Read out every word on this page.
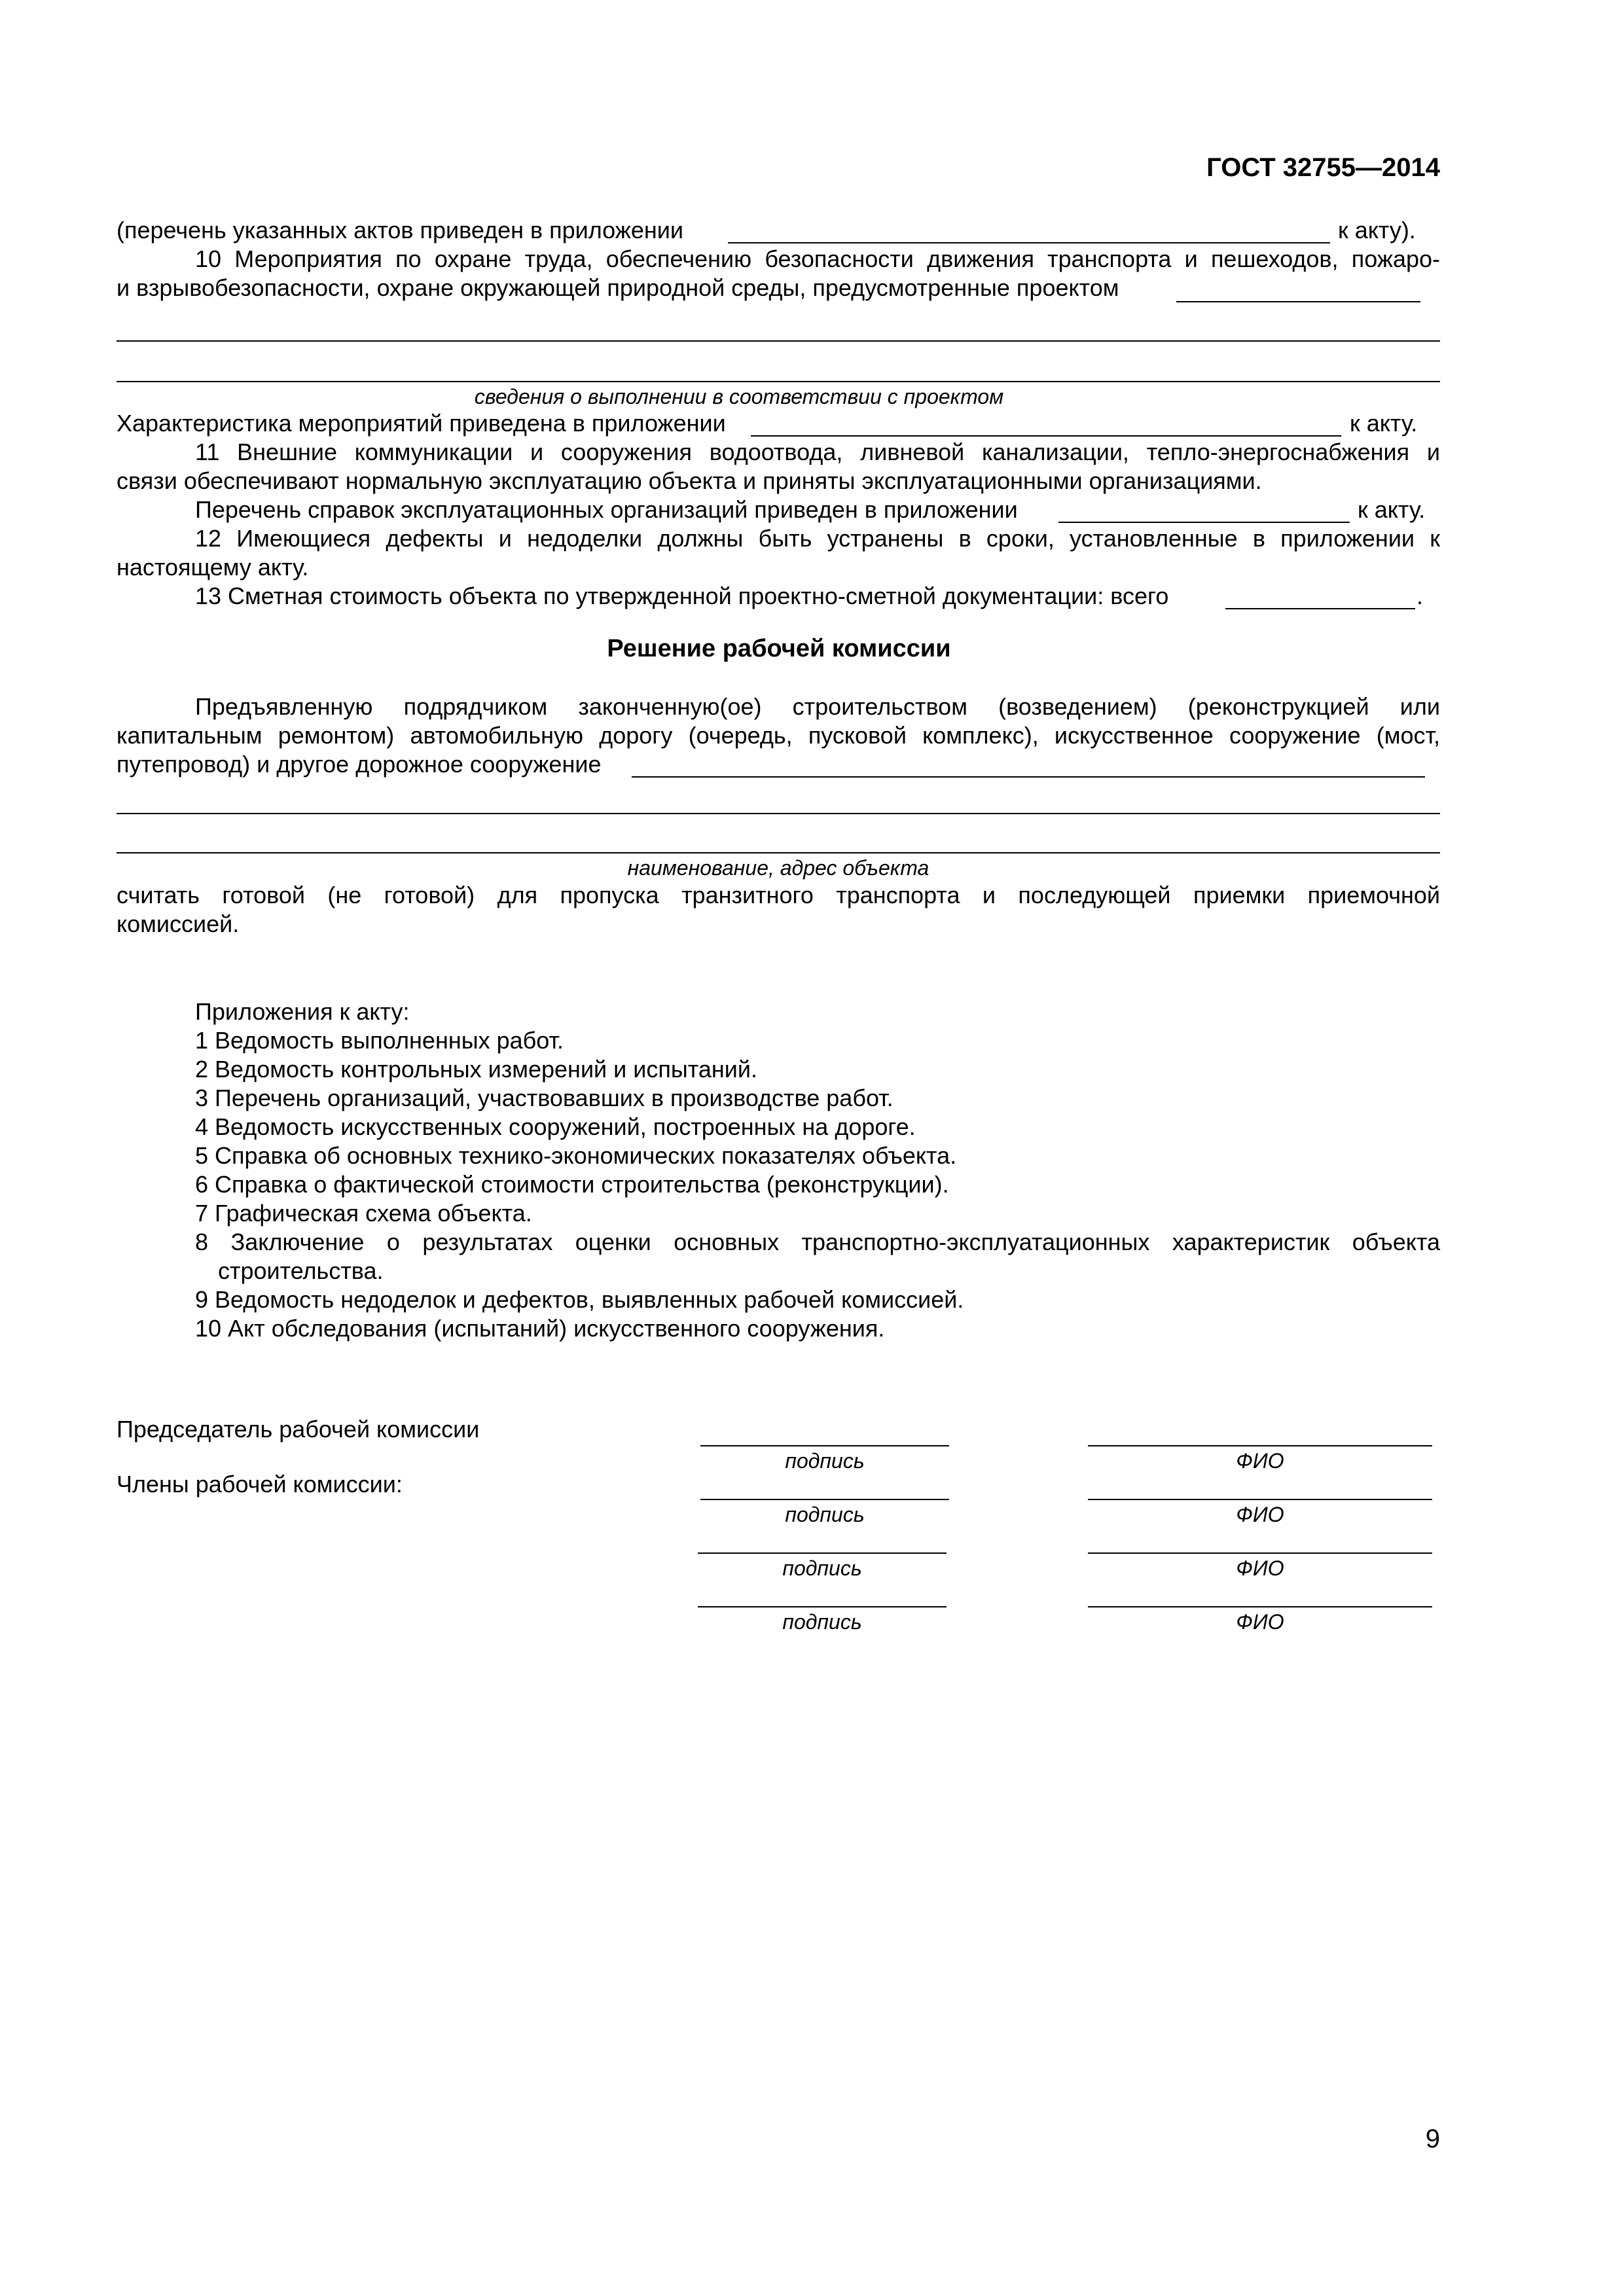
ГОСТ 32755—2014
(перечень указанных актов приведен в приложении	к акту).
10 Мероприятия по охране труда, обеспечению безопасности движения транспорта и пешеходов, пожаро-
и взрывобезопасности, охране окружающей природной среды, предусмотренные проектом
сведения о выполнении в соответствии с проектом
Характеристика мероприятий приведена в приложении	к акту.
11 Внешние коммуникации и сооружения водоотвода, ливневой канализации, тепло-энергоснабжения и
связи обеспечивают нормальную эксплуатацию объекта и приняты эксплуатационными организациями.
Перечень справок эксплуатационных организаций приведен в приложении	к акту.
12 Имеющиеся дефекты и недоделки должны быть устранены в сроки, установленные в приложении к
настоящему акту.
13 Сметная стоимость объекта по утвержденной проектно-сметной документации: всего	.
Решение рабочей комиссии
Предъявленную подрядчиком законченную(ое) строительством (возведением) (реконструкцией или
капитальным ремонтом) автомобильную дорогу (очередь, пусковой комплекс), искусственное сооружение (мост,
путепровод) и другое дорожное сооружение
наименование, адрес объекта
считать готовой (не готовой) для пропуска транзитного транспорта и последующей приемки приемочной
комиссией.
Приложения к акту:
1 Ведомость выполненных работ.
2 Ведомость контрольных измерений и испытаний.
3 Перечень организаций, участвовавших в производстве работ.
4 Ведомость искусственных сооружений, построенных на дороге.
5 Справка об основных технико-экономических показателях объекта.
6 Справка о фактической стоимости строительства (реконструкции).
7 Графическая схема объекта.
8 Заключение о результатах оценки основных транспортно-эксплуатационных характеристик объекта
строительства.
9 Ведомость недоделок и дефектов, выявленных рабочей комиссией.
10 Акт обследования (испытаний) искусственного сооружения.
Председатель рабочей комиссии
Члены рабочей комиссии:
подпись	ФИО
подпись	ФИО
подпись	ФИО
подпись	ФИО
9
